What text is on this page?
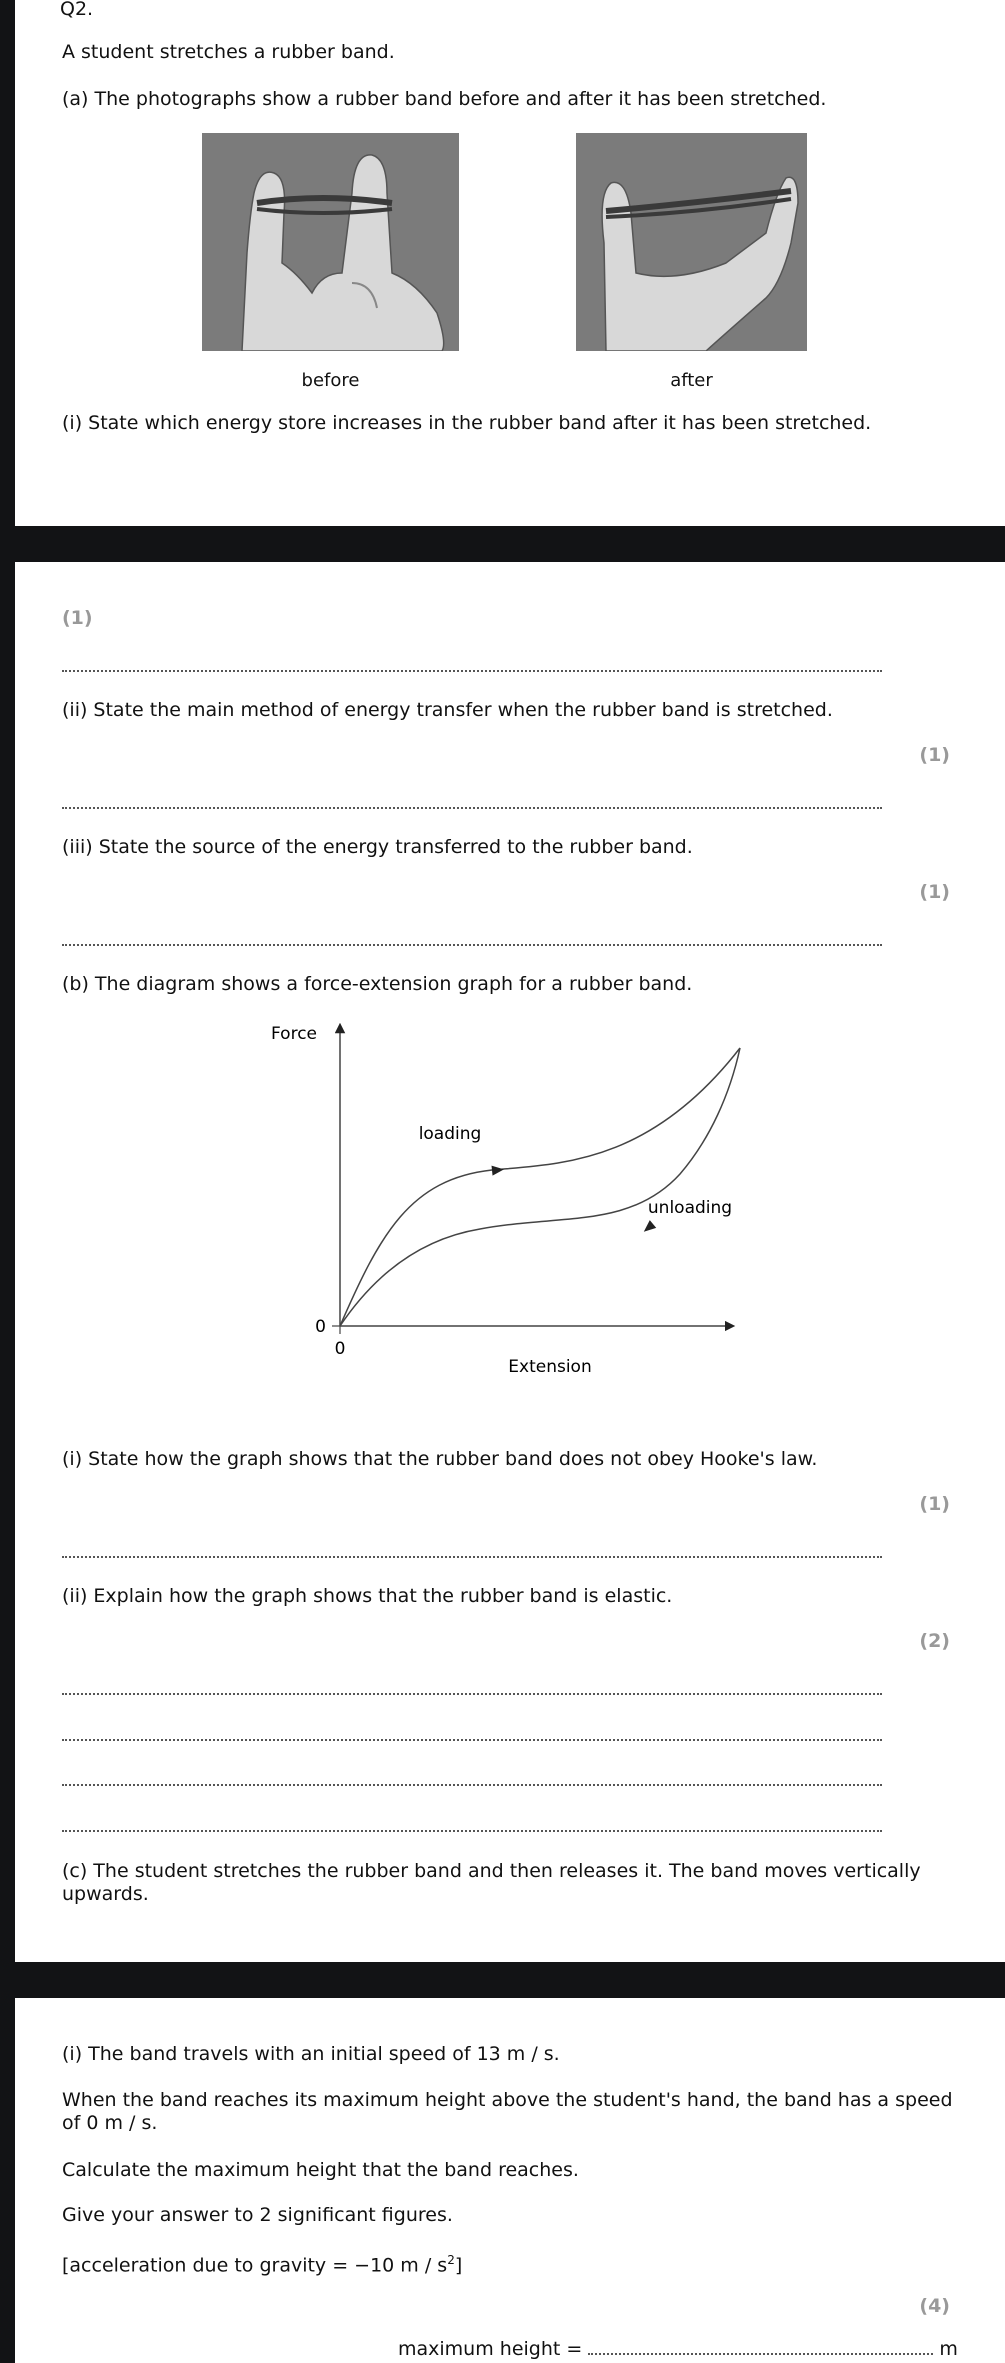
Q2.
A student stretches a rubber band.
(a) The photographs show a rubber band before and after it has been stretched.
before	after
(i) State which energy store increases in the rubber band after it has been stretched.
(1)
(ii) State the main method of energy transfer when the rubber band is stretched.
(1)
(iii) State the source of the energy transferred to the rubber band.
(1)
(b) The diagram shows a force-extension graph for a rubber band.
0
0
Force
Extension
loading
unloading
(i) State how the graph shows that the rubber band does not obey Hooke's law.
(1)
(ii) Explain how the graph shows that the rubber band is elastic.
(2)
(c) The student stretches the rubber band and then releases it. The band moves vertically upwards.
(i) The band travels with an initial speed of 13 m / s.
When the band reaches its maximum height above the student's hand, the band has a speed of 0 m / s.
Calculate the maximum height that the band reaches.
Give your answer to 2 significant figures.
[acceleration due to gravity = −10 m / $s^2$]
(4)
maximum height =	m
